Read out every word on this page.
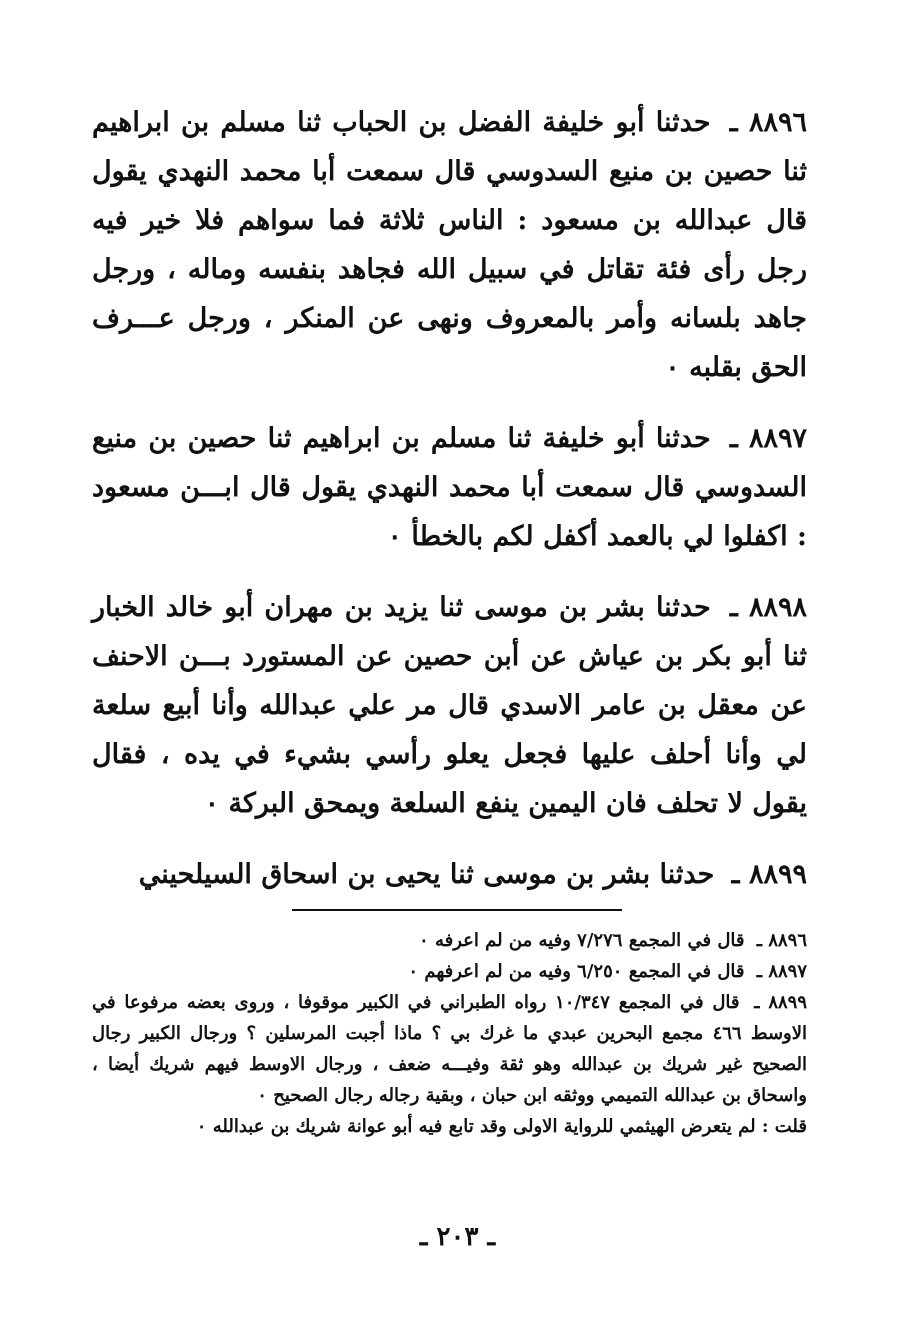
٨٨٩٦ ـ حدثنا أبو خليفة الفضل بن الحباب ثنا مسلم بن ابراهيم ثنا حصين بن منيع السدوسي قال سمعت أبا محمد النهدي يقول قال عبدالله بن مسعود : الناس ثلاثة فما سواهم فلا خير فيه رجل رأى فئة تقاتل في سبيل الله فجاهد بنفسه وماله ، ورجل جاهد بلسانه وأمر بالمعروف ونهى عن المنكر ، ورجل عـــرف الحق بقلبه ٠

٨٨٩٧ ـ حدثنا أبو خليفة ثنا مسلم بن ابراهيم ثنا حصين بن منيع السدوسي قال سمعت أبا محمد النهدي يقول قال ابـــن مسعود : اكفلوا لي بالعمد أكفل لكم بالخطأ ٠

٨٨٩٨ ـ حدثنا بشر بن موسى ثنا يزيد بن مهران أبو خالد الخبار ثنا أبو بكر بن عياش عن أبن حصين عن المستورد بـــن الاحنف عن معقل بن عامر الاسدي قال مر علي عبدالله وأنا أبيع سلعة لي وأنا أحلف عليها فجعل يعلو رأسي بشيء في يده ، فقال يقول لا تحلف فان اليمين ينفع السلعة ويمحق البركة ٠

٨٨٩٩ ـ حدثنا بشر بن موسى ثنا يحيى بن اسحاق السيلحيني

٨٨٩٦ ـ قال في المجمع ٧/٢٧٦ وفيه من لم اعرفه ٠

٨٨٩٧ ـ قال في المجمع ٦/٢٥٠ وفيه من لم اعرفهم ٠

٨٨٩٩ ـ قال في المجمع ١٠/٣٤٧ رواه الطبراني في الكبير موقوفا ، وروى بعضه مرفوعا في الاوسط ٤٦٦ مجمع البحرين عبدي ما غرك بي ؟ ماذا أجبت المرسلين ؟ ورجال الكبير رجال الصحيح غير شريك بن عبدالله وهو ثقة وفيـــه ضعف ، ورجال الاوسط فيهم شريك أيضا ، واسحاق بن عبدالله التميمي ووثقه ابن حبان ، وبقية رجاله رجال الصحيح ٠

قلت : لم يتعرض الهيثمي للرواية الاولى وقد تابع فيه أبو عوانة شريك بن عبدالله ٠

ـ ٢٠٣ ـ
